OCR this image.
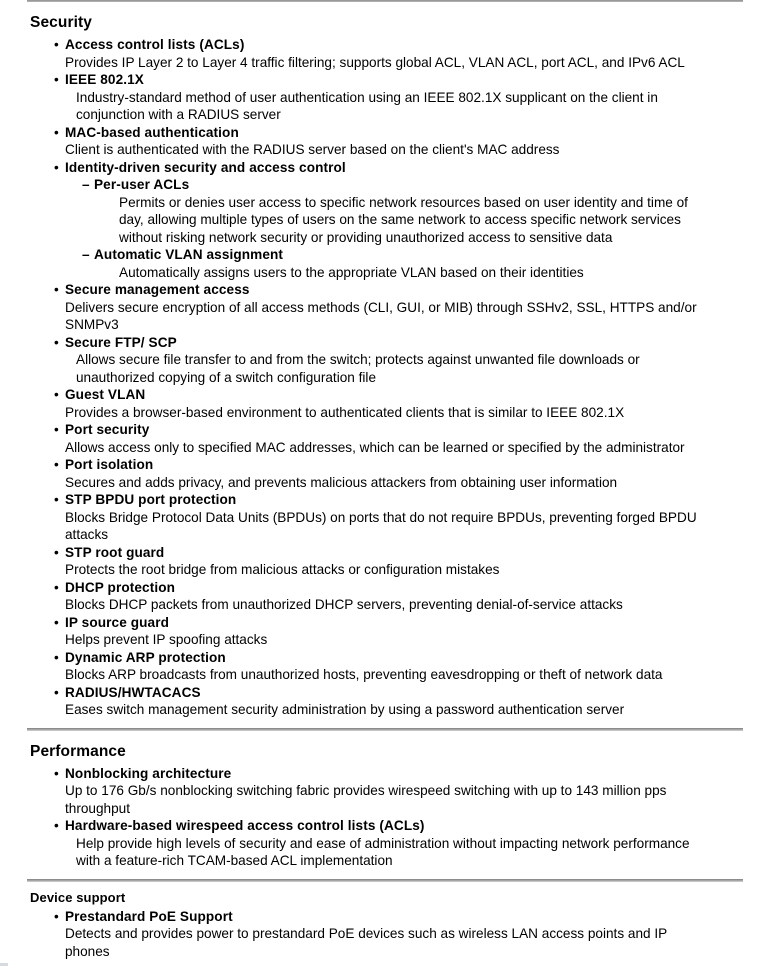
Security
• Access control lists (ACLs)
Provides IP Layer 2 to Layer 4 traffic filtering; supports global ACL, VLAN ACL, port ACL, and IPv6 ACL
• IEEE 802.1X
Industry-standard method of user authentication using an IEEE 802.1X supplicant on the client in
conjunction with a RADIUS server
• MAC-based authentication
Client is authenticated with the RADIUS server based on the client's MAC address
• Identity-driven security and access control
– Per-user ACLs
Permits or denies user access to specific network resources based on user identity and time of
day, allowing multiple types of users on the same network to access specific network services
without risking network security or providing unauthorized access to sensitive data
– Automatic VLAN assignment
Automatically assigns users to the appropriate VLAN based on their identities
• Secure management access
Delivers secure encryption of all access methods (CLI, GUI, or MIB) through SSHv2, SSL, HTTPS and/or
SNMPv3
• Secure FTP/ SCP
Allows secure file transfer to and from the switch; protects against unwanted file downloads or
unauthorized copying of a switch configuration file
• Guest VLAN
Provides a browser-based environment to authenticated clients that is similar to IEEE 802.1X
• Port security
Allows access only to specified MAC addresses, which can be learned or specified by the administrator
• Port isolation
Secures and adds privacy, and prevents malicious attackers from obtaining user information
• STP BPDU port protection
Blocks Bridge Protocol Data Units (BPDUs) on ports that do not require BPDUs, preventing forged BPDU
attacks
• STP root guard
Protects the root bridge from malicious attacks or configuration mistakes
• DHCP protection
Blocks DHCP packets from unauthorized DHCP servers, preventing denial-of-service attacks
• IP source guard
Helps prevent IP spoofing attacks
• Dynamic ARP protection
Blocks ARP broadcasts from unauthorized hosts, preventing eavesdropping or theft of network data
• RADIUS/HWTACACS
Eases switch management security administration by using a password authentication server
Performance
• Nonblocking architecture
Up to 176 Gb/s nonblocking switching fabric provides wirespeed switching with up to 143 million pps
throughput
• Hardware-based wirespeed access control lists (ACLs)
Help provide high levels of security and ease of administration without impacting network performance
with a feature-rich TCAM-based ACL implementation
Device support
• Prestandard PoE Support
Detects and provides power to prestandard PoE devices such as wireless LAN access points and IP
phones
